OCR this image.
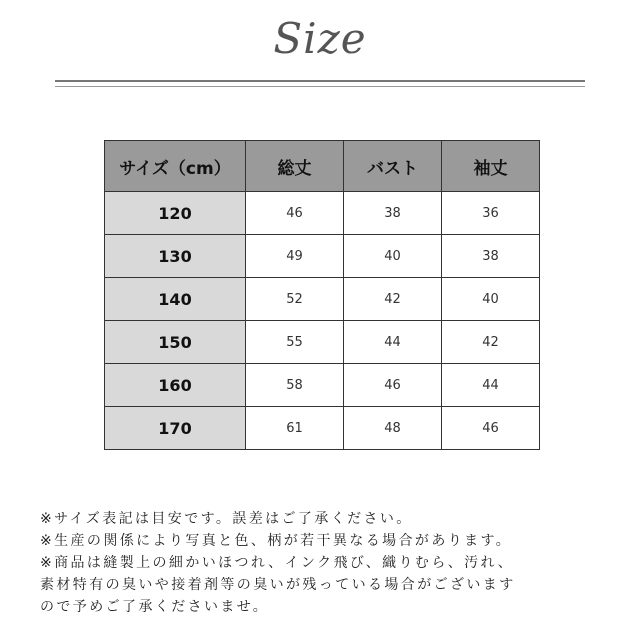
Size
サイズ（cm）	総丈	バスト	袖丈
120	46	38	36
130	49	40	38
140	52	42	40
150	55	44	42
160	58	46	44
170	61	48	46
※サイズ表記は目安です。誤差はご了承ください。
※生産の関係により写真と色、柄が若干異なる場合があります。
※商品は縫製上の細かいほつれ、インク飛び、織りむら、汚れ、
素材特有の臭いや接着剤等の臭いが残っている場合がございます
ので予めご了承くださいませ。
